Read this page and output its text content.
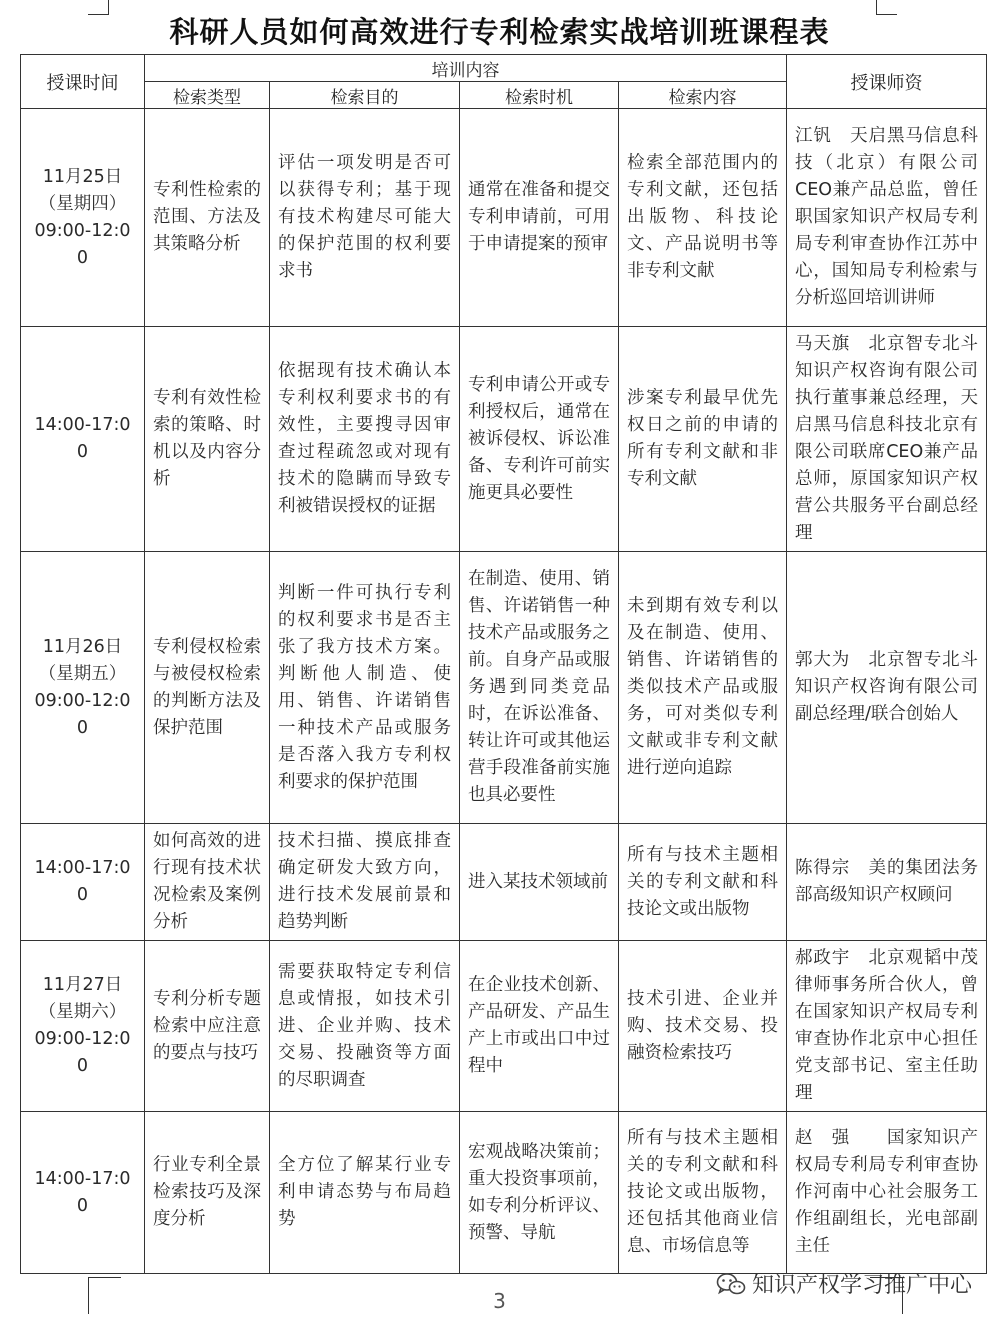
科研人员如何高效进行专利检索实战培训班课程表
授课时间	培训内容				授课师资
	检索类型	检索目的	检索时机	检索内容	
11月25日
（星期四）
09:00-12:0
0	专利性检索的范围、方法及其策略分析	评估一项发明是否可以获得专利；基于现有技术构建尽可能大的保护范围的权利要求书	通常在准备和提交专利申请前，可用于申请提案的预审	检索全部范围内的专利文献，还包括出版物、科技论文、产品说明书等非专利文献	江钒　天启黑马信息科技（北京）有限公司CEO兼产品总监，曾任职国家知识产权局专利局专利审查协作江苏中心，国知局专利检索与分析巡回培训讲师
14:00-17:0
0	专利有效性检索的策略、时机以及内容分析	依据现有技术确认本专利权利要求书的有效性，主要搜寻因审查过程疏忽或对现有技术的隐瞒而导致专利被错误授权的证据	专利申请公开或专利授权后，通常在被诉侵权、诉讼准备、专利许可前实施更具必要性	涉案专利最早优先权日之前的申请的所有专利文献和非专利文献	马天旗　北京智专北斗知识产权咨询有限公司执行董事兼总经理，天启黑马信息科技北京有限公司联席CEO兼产品总师，原国家知识产权营公共服务平台副总经理
11月26日
（星期五）
09:00-12:0
0	专利侵权检索与被侵权检索的判断方法及保护范围	判断一件可执行专利的权利要求书是否主张了我方技术方案。判断他人制造、使用、销售、许诺销售一种技术产品或服务是否落入我方专利权利要求的保护范围	在制造、使用、销售、许诺销售一种技术产品或服务之前。自身产品或服务遇到同类竞品时，在诉讼准备、转让许可或其他运营手段准备前实施也具必要性	未到期有效专利以及在制造、使用、销售、许诺销售的类似技术产品或服务，可对类似专利文献或非专利文献进行逆向追踪	郭大为　北京智专北斗知识产权咨询有限公司　副总经理/联合创始人
14:00-17:0
0	如何高效的进行现有技术状况检索及案例分析	技术扫描、摸底排查确定研发大致方向，进行技术发展前景和趋势判断	进入某技术领域前	所有与技术主题相关的专利文献和科技论文或出版物	陈得宗　美的集团法务部高级知识产权顾问
11月27日
（星期六）
09:00-12:0
0	专利分析专题检索中应注意的要点与技巧	需要获取特定专利信息或情报，如技术引进、企业并购、技术交易、投融资等方面的尽职调查	在企业技术创新、产品研发、产品生产上市或出口中过程中	技术引进、企业并购、技术交易、投融资检索技巧	郝政宇　北京观韬中茂律师事务所合伙人，曾在国家知识产权局专利审查协作北京中心担任党支部书记、室主任助理
14:00-17:0
0	行业专利全景检索技巧及深度分析	全方位了解某行业专利申请态势与布局趋势	宏观战略决策前；重大投资事项前，如专利分析评议、预警、导航	所有与技术主题相关的专利文献和科技论文或出版物，还包括其他商业信息、市场信息等	赵　强　　国家知识产权局专利局专利审查协作河南中心社会服务工作组副组长，光电部副主任
知识产权学习推广中心
3
